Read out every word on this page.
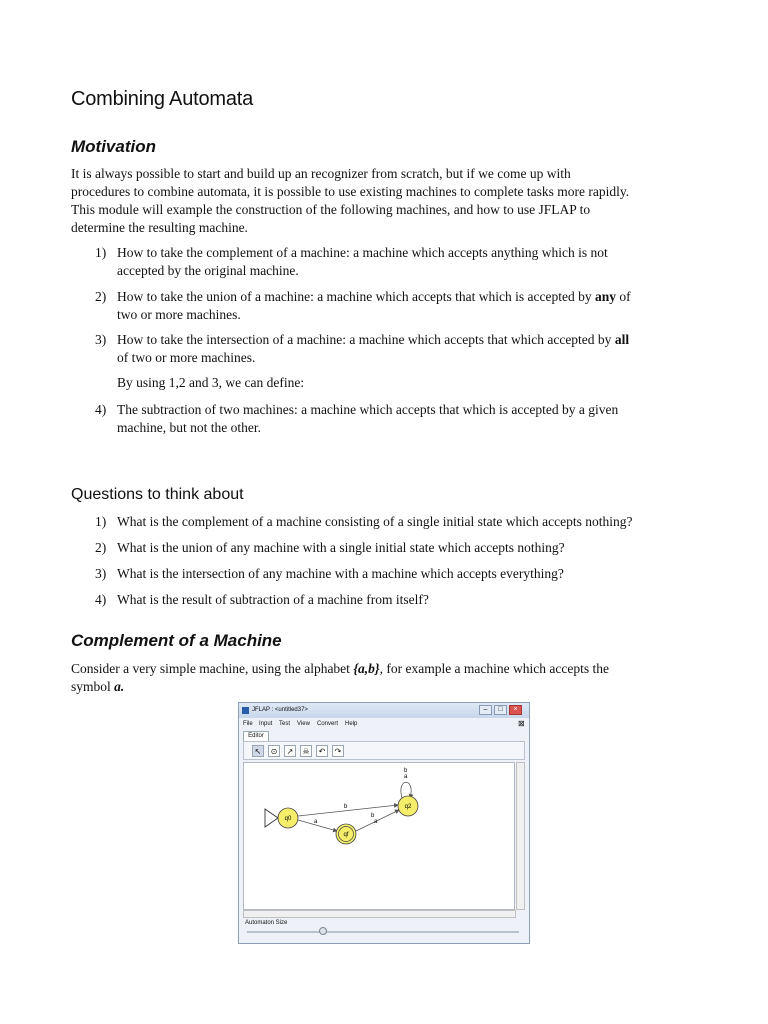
Combining Automata
Motivation
It is always possible to start and build up an recognizer from scratch, but if we come up with
procedures to combine automata, it is possible to use existing machines to complete tasks more rapidly.
This module will example the construction of the following machines, and how to use JFLAP to
determine the resulting machine.
1) How to take the complement of a machine: a machine which accepts anything which is not
accepted by the original machine.
2) How to take the union of a machine: a machine which accepts that which is accepted by any of
two or more machines.
3) How to take the intersection of a machine: a machine which accepts that which accepted by all
of two or more machines.
By using 1,2 and 3, we can define:
4) The subtraction of two machines: a machine which accepts that which is accepted by a given
machine, but not the other.
Questions to think about
1) What is the complement of a machine consisting of a single initial state which accepts nothing?
2) What is the union of any machine with a single initial state which accepts nothing?
3) What is the intersection of any machine with a machine which accepts everything?
4) What is the result of subtraction of a machine from itself?
Complement of a Machine
Consider a very simple machine, using the alphabet {a,b}, for example a machine which accepts the
symbol a.
JFLAP : <untitled37>	–	□	×
File Input Test View Convert Help	⊠
Editor
↖	⊙	↗	☠	↶	↷
b
a
b
a
b
a
q0
qf
q2
Automaton Size
